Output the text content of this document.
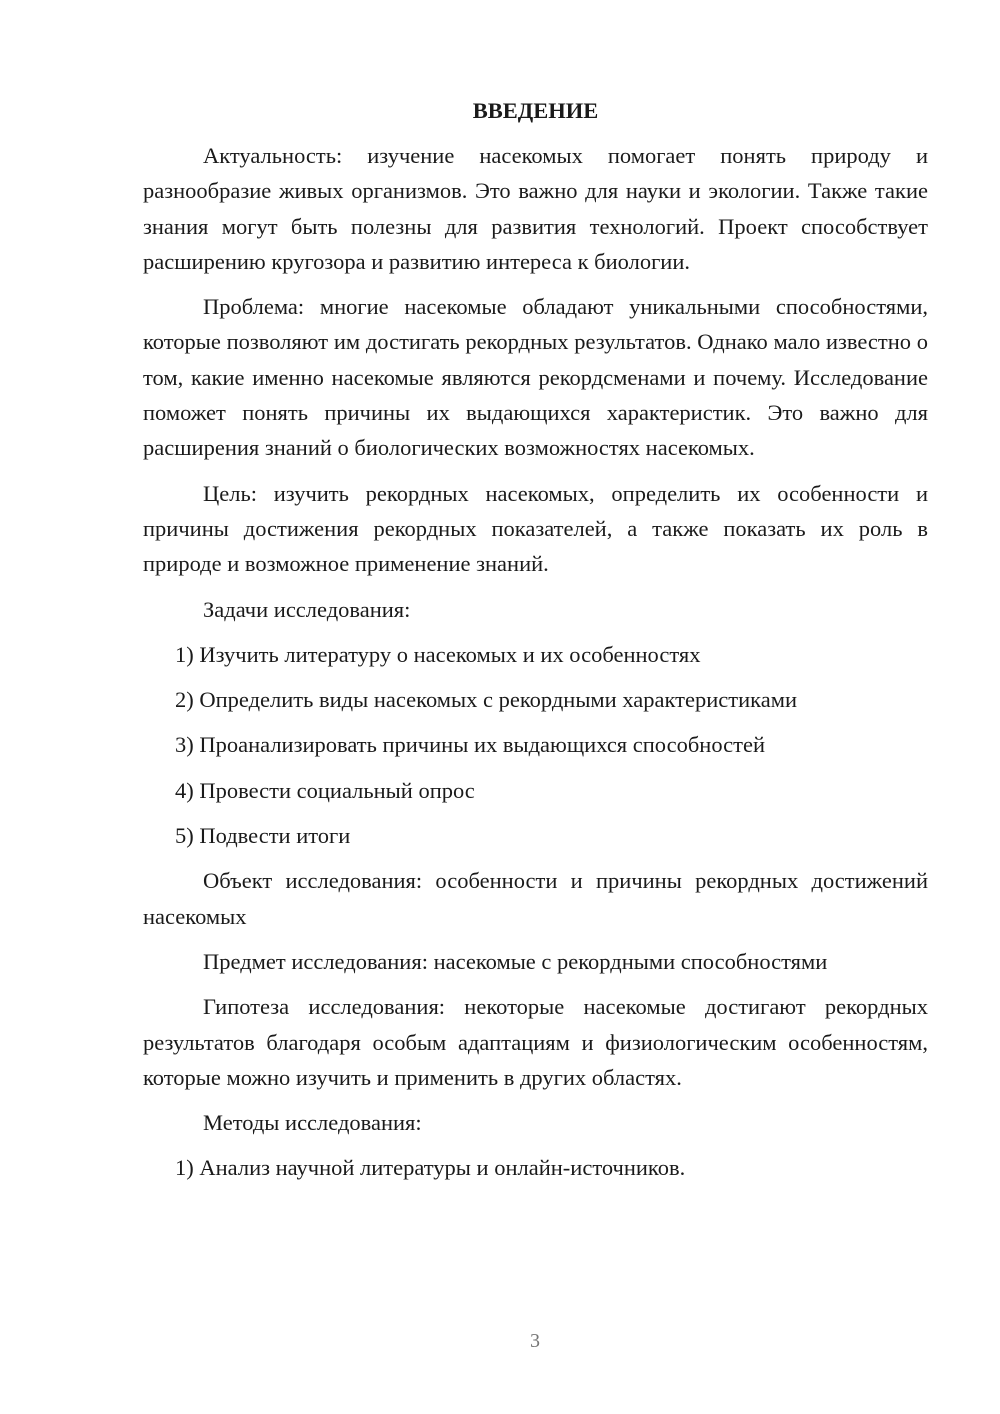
ВВЕДЕНИЕ

Актуальность: изучение насекомых помогает понять природу и разнообразие живых организмов. Это важно для науки и экологии. Также такие знания могут быть полезны для развития технологий. Проект способствует расширению кругозора и развитию интереса к биологии.

Проблема: многие насекомые обладают уникальными способностями, которые позволяют им достигать рекордных результатов. Однако мало известно о том, какие именно насекомые являются рекордсменами и почему. Исследование поможет понять причины их выдающихся характеристик. Это важно для расширения знаний о биологических возможностях насекомых.

Цель: изучить рекордных насекомых, определить их особенности и причины достижения рекордных показателей, а также показать их роль в природе и возможное применение знаний.

Задачи исследования:

1) Изучить литературу о насекомых и их особенностях

2) Определить виды насекомых с рекордными характеристиками

3) Проанализировать причины их выдающихся способностей

4) Провести социальный опрос

5) Подвести итоги

Объект исследования: особенности и причины рекордных достижений насекомых

Предмет исследования: насекомые с рекордными способностями

Гипотеза исследования: некоторые насекомые достигают рекордных результатов благодаря особым адаптациям и физиологическим особенностям, которые можно изучить и применить в других областях.

Методы исследования:

1) Анализ научной литературы и онлайн-источников.

3
